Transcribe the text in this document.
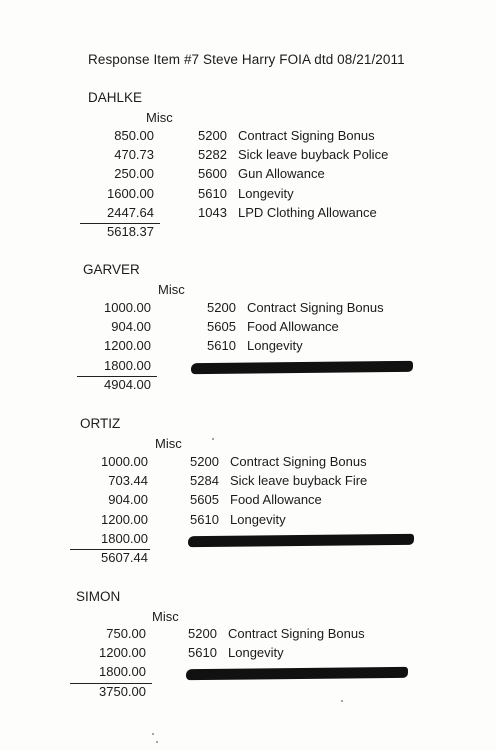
Response Item #7 Steve Harry FOIA dtd 08/21/2011
DAHLKE
Misc
850.00	5200 Contract Signing Bonus
470.73	5282 Sick leave buyback Police
250.00	5600 Gun Allowance
1600.00	5610 Longevity
2447.64	1043 LPD Clothing Allowance
5618.37
GARVER
Misc
1000.00	5200 Contract Signing Bonus
904.00	5605 Food Allowance
1200.00	5610 Longevity
1800.00
4904.00
ORTIZ
Misc
1000.00	5200 Contract Signing Bonus
703.44	5284 Sick leave buyback Fire
904.00	5605 Food Allowance
1200.00	5610 Longevity
1800.00
5607.44
SIMON
Misc
750.00	5200 Contract Signing Bonus
1200.00	5610 Longevity
1800.00
3750.00
